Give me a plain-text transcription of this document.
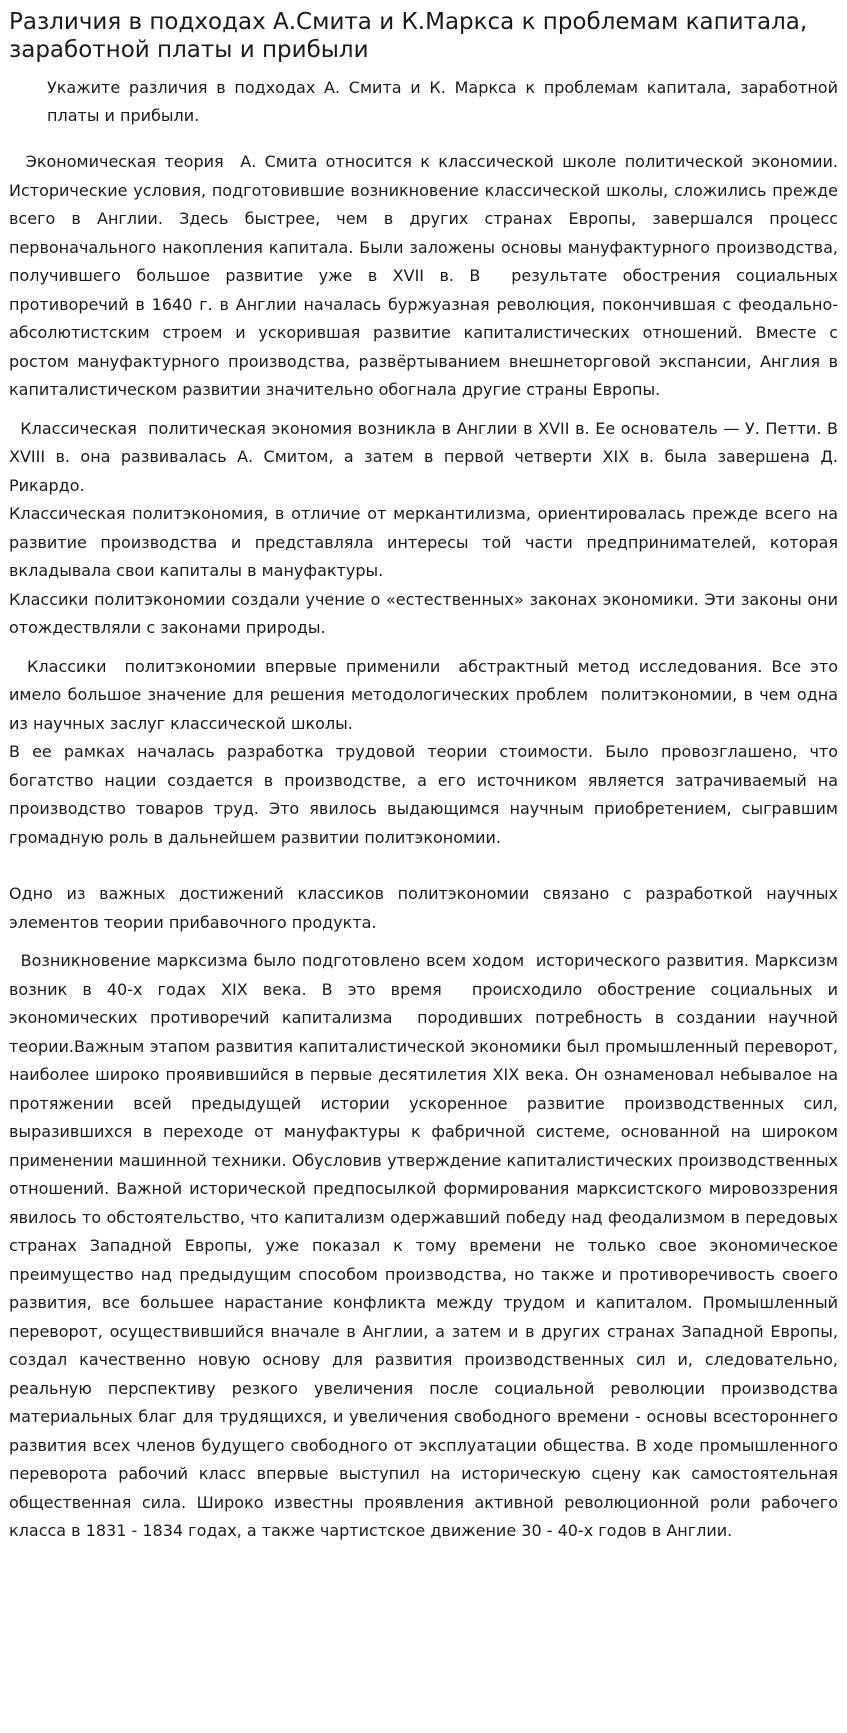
Различия в подходах А.Смита и К.Маркса к проблемам капитала, заработной платы и прибыли

Укажите различия в подходах А. Смита и К. Маркса к проблемам капитала, заработной платы и прибыли.

Экономическая теория  А. Смита относится к классической школе политической экономии. Исторические условия, подготовившие возникновение классической школы, сложились прежде всего в Англии. Здесь быстрее, чем в других странах Европы, завершался процесс первоначального накопления капитала. Были заложены основы мануфактурного производства, получившего большое развитие уже в XVII в. В  результате обострения социальных противоречий в 1640 г. в Англии началась буржуазная революция, покончившая с феодально-абсолютистским строем и ускорившая развитие капиталистических отношений. Вместе с ростом мануфактурного производства, развёртыванием внешнеторговой экспансии, Англия в капиталистическом развитии значительно обогнала другие страны Европы.

Классическая  политическая экономия возникла в Англии в XVII в. Ее основатель — У. Петти. В XVIII в. она развивалась А. Смитом, а затем в первой четверти XIX в. была завершена Д. Рикардо.

Классическая политэкономия, в отличие от меркантилизма, ориентировалась прежде всего на развитие производства и представляла интересы той части предпринимателей, которая вкладывала свои капиталы в мануфактуры.

Классики политэкономии создали учение о «естественных» законах экономики. Эти законы они отождествляли с законами природы.

Классики  политэкономии впервые применили  абстрактный метод исследования. Все это имело большое значение для решения методологических проблем  политэкономии, в чем одна из научных заслуг классической школы.

В ее рамках началась разработка трудовой теории стоимости. Было провозглашено, что богатство нации создается в производстве, а его источником является затрачиваемый на производство товаров труд. Это явилось выдающимся научным приобретением, сыгравшим громадную роль в дальнейшем развитии политэкономии.

Одно из важных достижений классиков политэкономии связано с разработкой научных элементов теории прибавочного продукта.

Возникновение марксизма было подготовлено всем ходом  исторического развития. Марксизм возник в 40-х годах XIX века. В это время  происходило обострение социальных и экономических противоречий капитализма  породивших потребность в создании научной теории.Важным этапом развития капиталистической экономики был промышленный переворот, наиболее широко проявившийся в первые десятилетия XIX века. Он ознаменовал небывалое на протяжении всей предыдущей истории ускоренное развитие производственных сил, выразившихся в переходе от мануфактуры к фабричной системе, основанной на широком применении машинной техники. Обусловив утверждение капиталистических производственных отношений. Важной исторической предпосылкой формирования марксистского мировоззрения явилось то обстоятельство, что капитализм одержавший победу над феодализмом в передовых странах Западной Европы, уже показал к тому времени не только свое экономическое преимущество над предыдущим способом производства, но также и противоречивость своего развития, все большее нарастание конфликта между трудом и капиталом. Промышленный переворот, осуществившийся вначале в Англии, а затем и в других странах Западной Европы, создал качественно новую основу для развития производственных сил и, следовательно, реальную перспективу резкого увеличения после социальной революции производства материальных благ для трудящихся, и увеличения свободного времени - основы всестороннего развития всех членов будущего свободного от эксплуатации общества. В ходе промышленного переворота рабочий класс впервые выступил на историческую сцену как самостоятельная общественная сила. Широко известны проявления активной революционной роли рабочего класса в 1831 - 1834 годах, а также чартистское движение 30 - 40-х годов в Англии.
